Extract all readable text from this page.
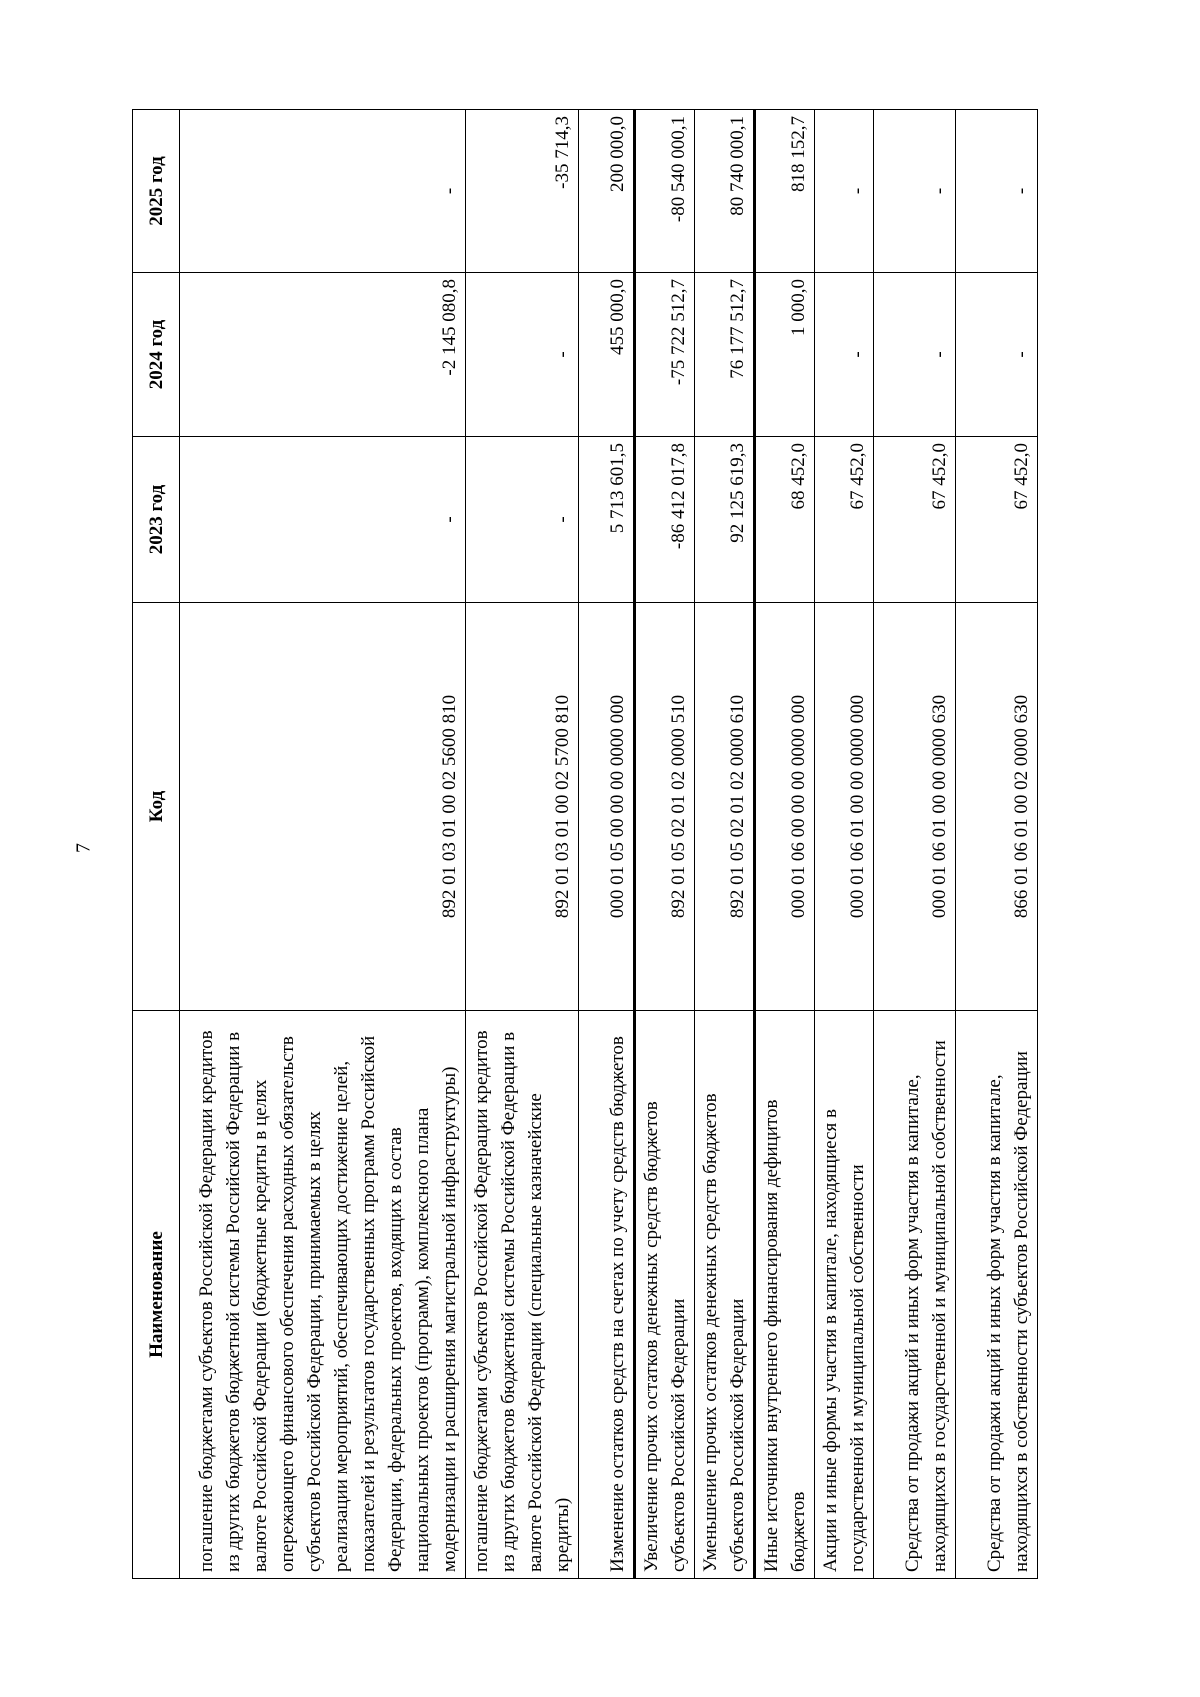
7
Наименование	Код	2023 год	2024 год	2025 год
погашение бюджетами субъектов Российской Федерации кредитов из других бюджетов бюджетной системы Российской Федерации в валюте Российской Федерации (бюджетные кредиты в целях опережающего финансового обеспечения расходных обязательств субъектов Российской Федерации, принимаемых в целях реализации мероприятий, обеспечивающих достижение целей, показателей и результатов государственных программ Российской Федерации, федеральных проектов, входящих в состав национальных проектов (программ), комплексного плана модернизации и расширения магистральной инфраструктуры)	892 01 03 01 00 02 5600 810	-	-2 145 080,8	-
погашение бюджетами субъектов Российской Федерации кредитов из других бюджетов бюджетной системы Российской Федерации в валюте Российской Федерации (специальные казначейские кредиты)	892 01 03 01 00 02 5700 810	-	-	-35 714,3
Изменение остатков средств на счетах по учету средств бюджетов	000 01 05 00 00 00 0000 000	5 713 601,5	455 000,0	200 000,0
Увеличение прочих остатков денежных средств бюджетов субъектов Российской Федерации	892 01 05 02 01 02 0000 510	-86 412 017,8	-75 722 512,7	-80 540 000,1
Уменьшение прочих остатков денежных средств бюджетов субъектов Российской Федерации	892 01 05 02 01 02 0000 610	92 125 619,3	76 177 512,7	80 740 000,1
Иные источники внутреннего финансирования дефицитов бюджетов	000 01 06 00 00 00 0000 000	68 452,0	1 000,0	818 152,7
Акции и иные формы участия в капитале, находящиеся в государственной и муниципальной собственности	000 01 06 01 00 00 0000 000	67 452,0	-	-
Средства от продажи акций и иных форм участия в капитале, находящихся в государственной и муниципальной собственности	000 01 06 01 00 00 0000 630	67 452,0	-	-
Средства от продажи акций и иных форм участия в капитале, находящихся в собственности субъектов Российской Федерации	866 01 06 01 00 02 0000 630	67 452,0	-	-
